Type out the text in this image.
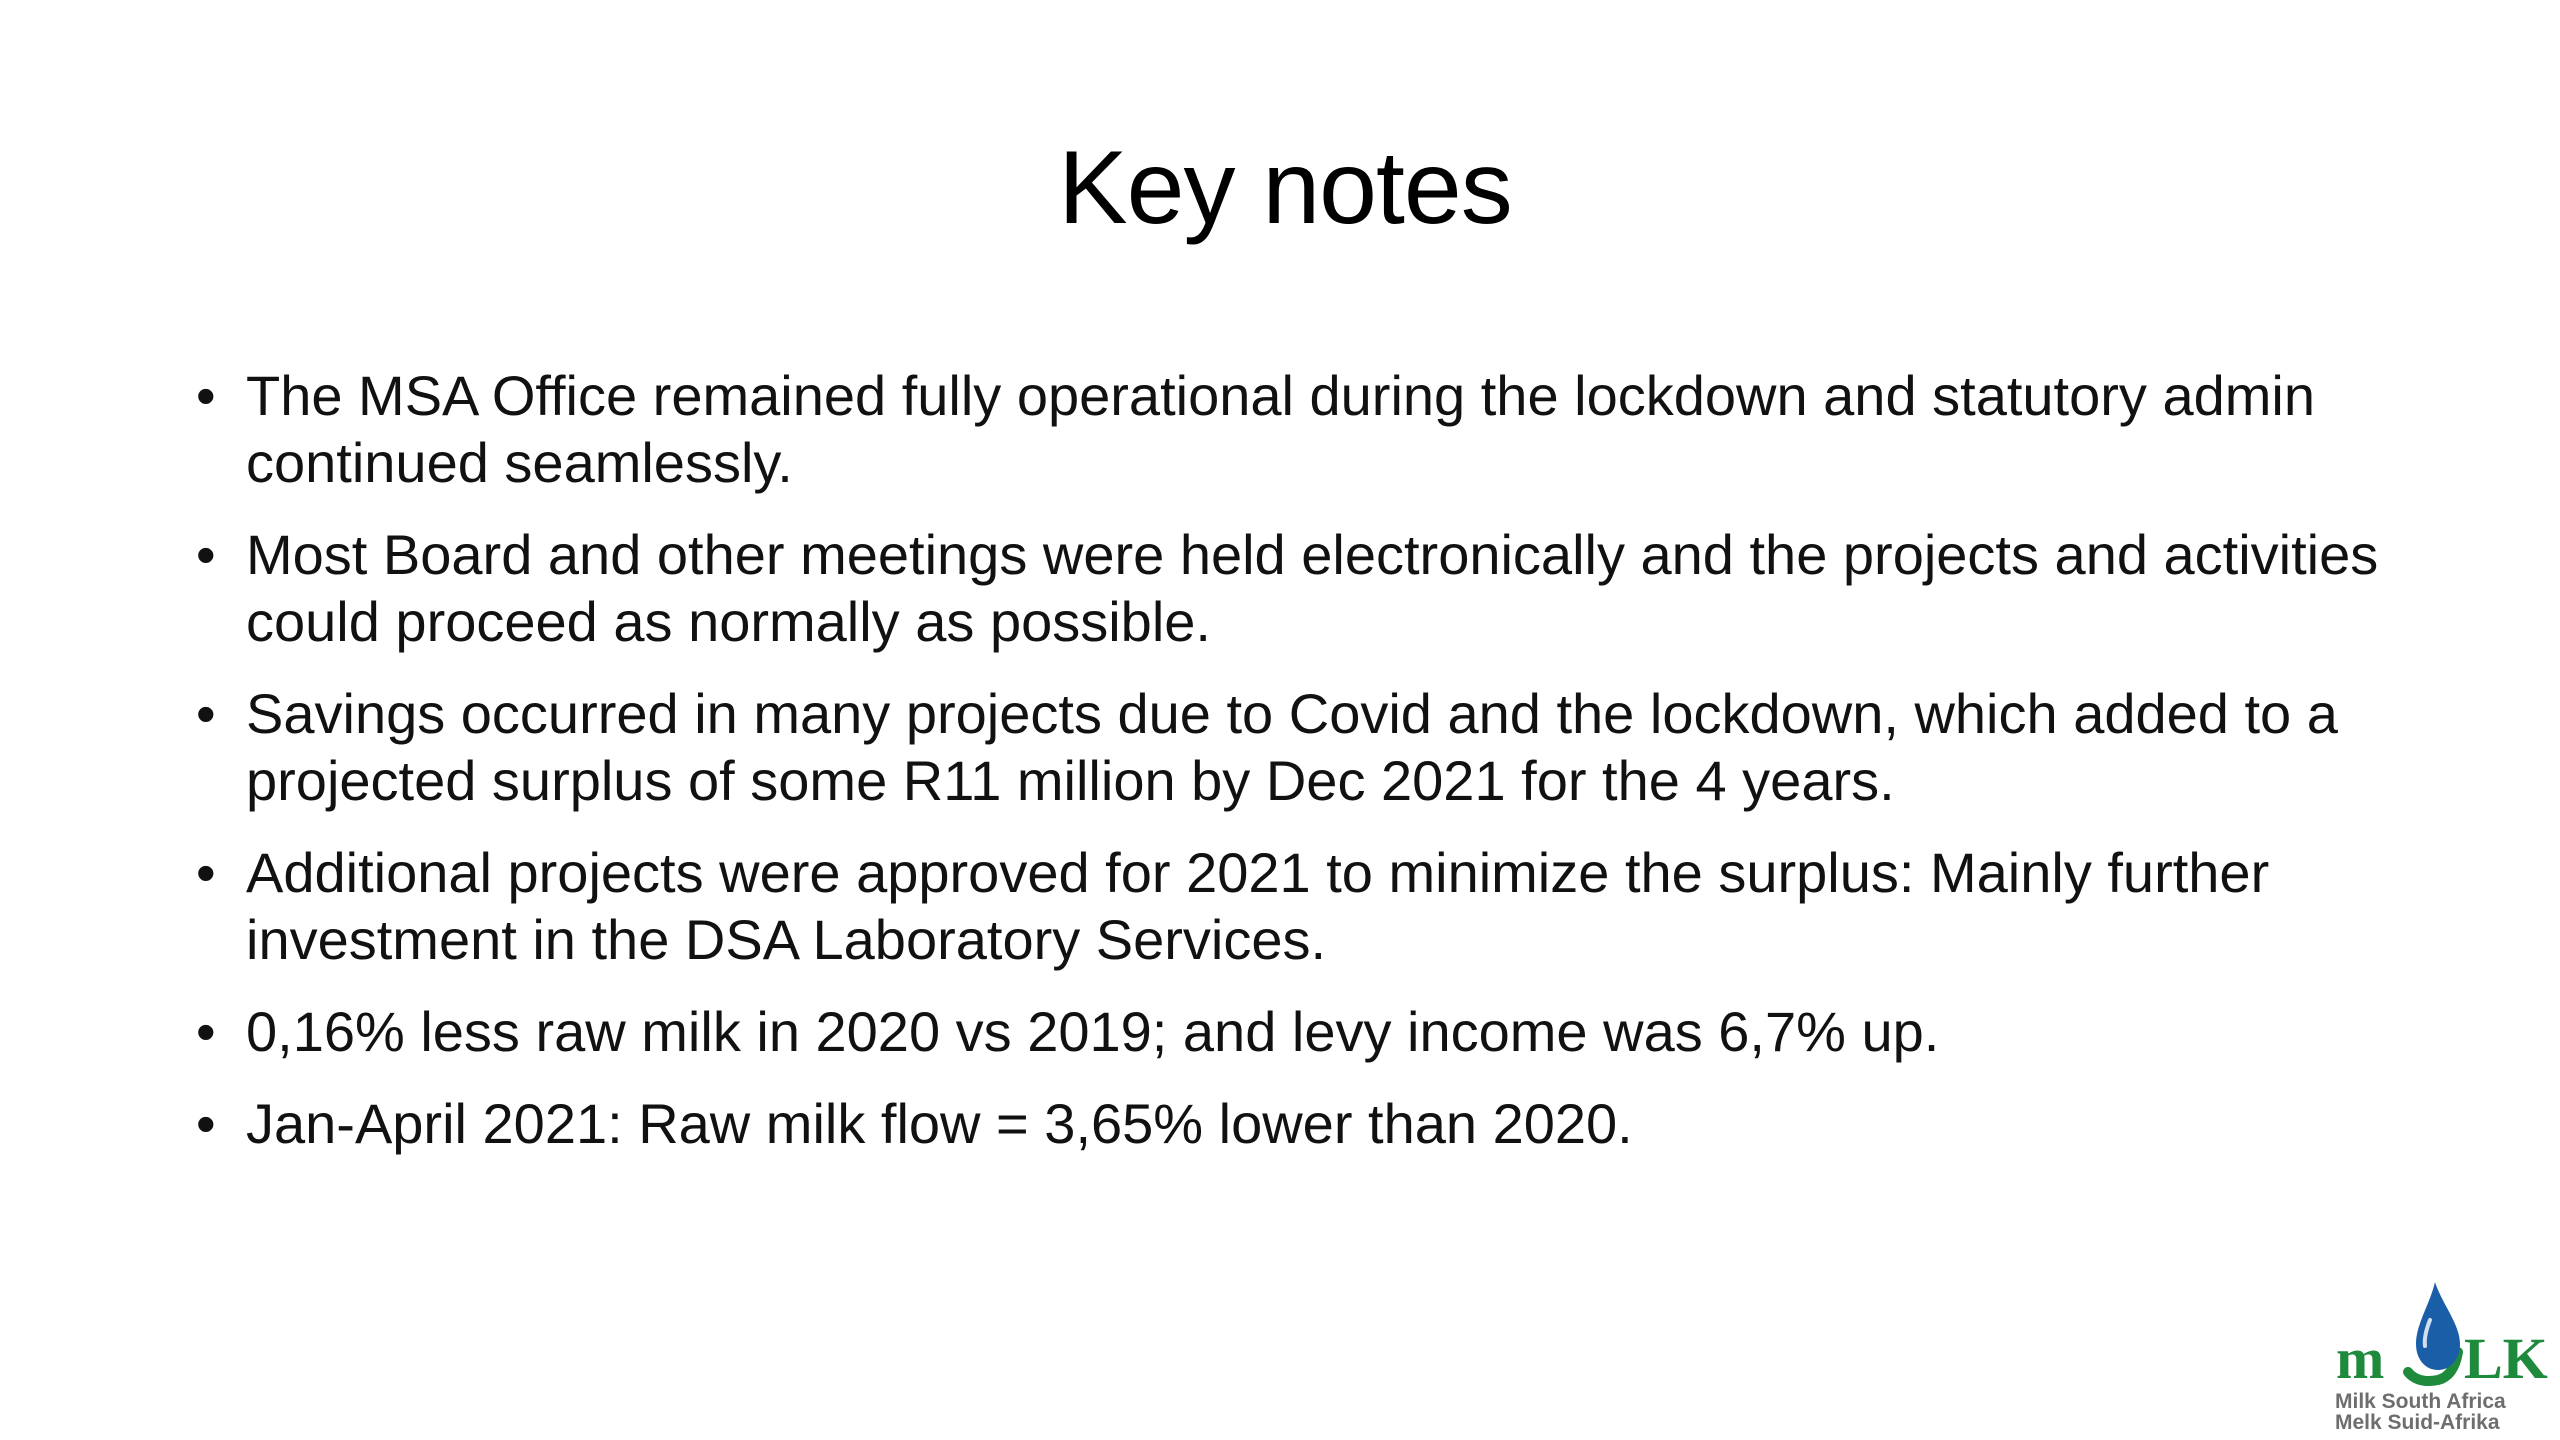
Key notes
• The MSA Office remained fully operational during the lockdown and statutory admin continued seamlessly.
• Most Board and other meetings were held electronically and the projects and activities could proceed as normally as possible.
• Savings occurred in many projects due to Covid and the lockdown, which added to a projected surplus of some R11 million by Dec 2021 for the 4 years.
• Additional projects were approved for 2021 to minimize the surplus: Mainly further investment in the DSA Laboratory Services.
• 0,16% less raw milk in 2020 vs 2019; and levy income was 6,7% up.
• Jan-April 2021: Raw milk flow = 3,65% lower than 2020.
m LK
Milk South Africa
Melk Suid-Afrika
